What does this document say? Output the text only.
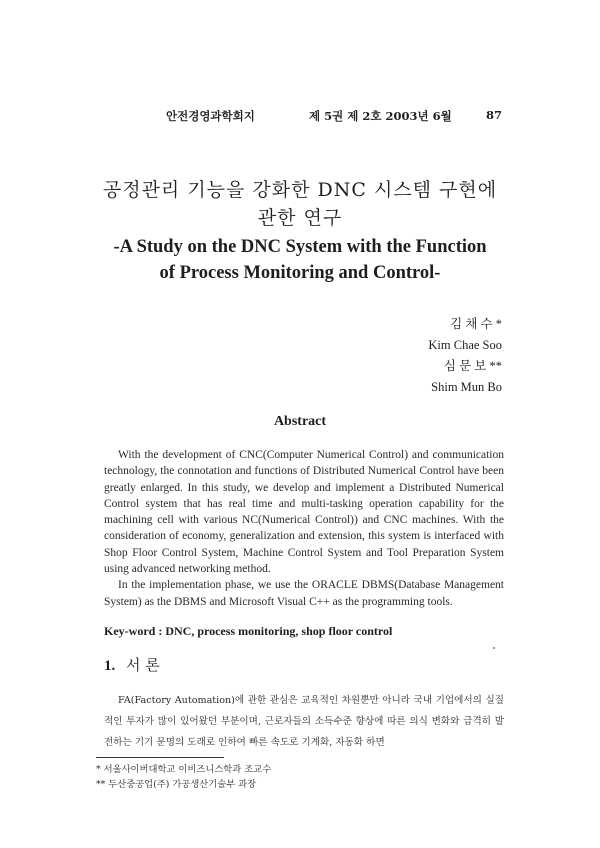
안전경영과학회지	제 5권 제 2호 2003년 6월	87
공정관리 기능을 강화한 DNC 시스템 구현에
관한 연구
-A Study on the DNC System with the Function
of Process Monitoring and Control-
김 채 수 *
Kim Chae Soo
심 문 보 **
Shim Mun Bo
Abstract

With the development of CNC(Computer Numerical Control) and communication technology, the connotation and functions of Distributed Numerical Control have been greatly enlarged. In this study, we develop and implement a Distributed Numerical Control system that has real time and multi-tasking operation capability for the machining cell with various NC(Numerical Control)) and CNC machines. With the consideration of economy, generalization and extension, this system is interfaced with Shop Floor Control System, Machine Control System and Tool Preparation System using advanced networking method.

In the implementation phase, we use the ORACLE DBMS(Database Management System) as the DBMS and Microsoft Visual C++ as the programming tools.

Key-word : DNC, process monitoring, shop floor control
1. 서 론

FA(Factory Automation)에 관한 관심은 교육적인 차원뿐만 아니라 국내 기업에서의 실질적인 투자가 많이 있어왔던 부분이며, 근로자들의 소득수준 향상에 따른 의식 변화와 급격히 발전하는 기기 문명의 도래로 인하여 빠른 속도로 기계화, 자동화 하면

* 서울사이버대학교 이비즈니스학과 조교수
** 두산중공업(주) 가공생산기술부 과장
